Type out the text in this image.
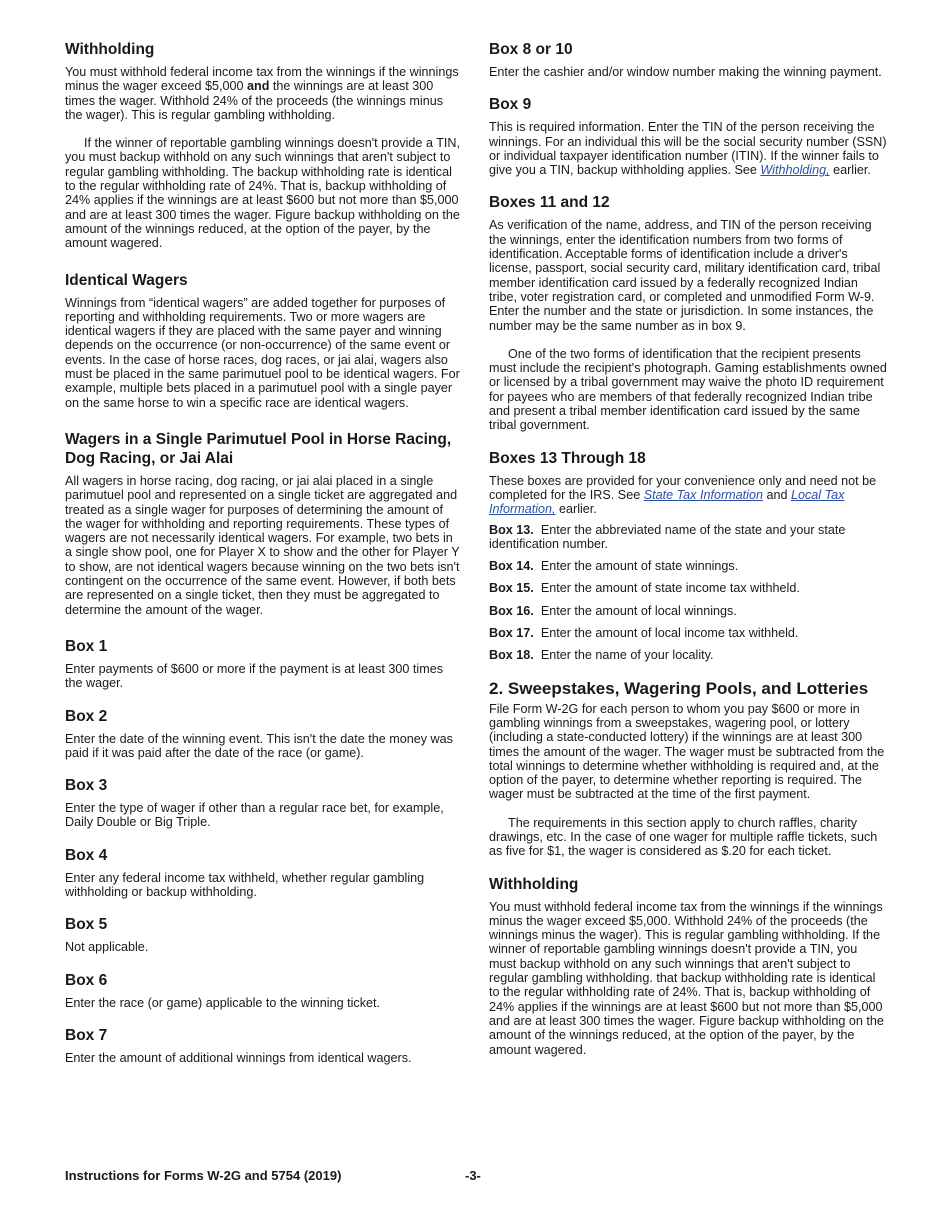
Withholding

You must withhold federal income tax from the winnings if the winnings minus the wager exceed $5,000 and the winnings are at least 300 times the wager. Withhold 24% of the proceeds (the winnings minus the wager). This is regular gambling withholding.

If the winner of reportable gambling winnings doesn't provide a TIN, you must backup withhold on any such winnings that aren't subject to regular gambling withholding. The backup withholding rate is identical to the regular withholding rate of 24%. That is, backup withholding of 24% applies if the winnings are at least $600 but not more than $5,000 and are at least 300 times the wager. Figure backup withholding on the amount of the winnings reduced, at the option of the payer, by the amount wagered.

Identical Wagers

Winnings from “identical wagers” are added together for purposes of reporting and withholding requirements. Two or more wagers are identical wagers if they are placed with the same payer and winning depends on the occurrence (or non-occurrence) of the same event or events. In the case of horse races, dog races, or jai alai, wagers also must be placed in the same parimutuel pool to be identical wagers. For example, multiple bets placed in a parimutuel pool with a single payer on the same horse to win a specific race are identical wagers.

Wagers in a Single Parimutuel Pool in Horse Racing, Dog Racing, or Jai Alai

All wagers in horse racing, dog racing, or jai alai placed in a single parimutuel pool and represented on a single ticket are aggregated and treated as a single wager for purposes of determining the amount of the wager for withholding and reporting requirements. These types of wagers are not necessarily identical wagers. For example, two bets in a single show pool, one for Player X to show and the other for Player Y to show, are not identical wagers because winning on the two bets isn't contingent on the occurrence of the same event. However, if both bets are represented on a single ticket, then they must be aggregated to determine the amount of the wager.

Box 1

Enter payments of $600 or more if the payment is at least 300 times the wager.

Box 2

Enter the date of the winning event. This isn't the date the money was paid if it was paid after the date of the race (or game).

Box 3

Enter the type of wager if other than a regular race bet, for example, Daily Double or Big Triple.

Box 4

Enter any federal income tax withheld, whether regular gambling withholding or backup withholding.

Box 5

Not applicable.

Box 6

Enter the race (or game) applicable to the winning ticket.

Box 7

Enter the amount of additional winnings from identical wagers.

Box 8 or 10

Enter the cashier and/or window number making the winning payment.

Box 9

This is required information. Enter the TIN of the person receiving the winnings. For an individual this will be the social security number (SSN) or individual taxpayer identification number (ITIN). If the winner fails to give you a TIN, backup withholding applies. See Withholding, earlier.

Boxes 11 and 12

As verification of the name, address, and TIN of the person receiving the winnings, enter the identification numbers from two forms of identification. Acceptable forms of identification include a driver's license, passport, social security card, military identification card, tribal member identification card issued by a federally recognized Indian tribe, voter registration card, or completed and unmodified Form W-9. Enter the number and the state or jurisdiction. In some instances, the number may be the same number as in box 9.

One of the two forms of identification that the recipient presents must include the recipient's photograph. Gaming establishments owned or licensed by a tribal government may waive the photo ID requirement for payees who are members of that federally recognized Indian tribe and present a tribal member identification card issued by the same tribal government.

Boxes 13 Through 18

These boxes are provided for your convenience only and need not be completed for the IRS. See State Tax Information and Local Tax Information, earlier.

Box 13. Enter the abbreviated name of the state and your state identification number.

Box 14. Enter the amount of state winnings.

Box 15. Enter the amount of state income tax withheld.

Box 16. Enter the amount of local winnings.

Box 17. Enter the amount of local income tax withheld.

Box 18. Enter the name of your locality.

2. Sweepstakes, Wagering Pools, and Lotteries

File Form W-2G for each person to whom you pay $600 or more in gambling winnings from a sweepstakes, wagering pool, or lottery (including a state-conducted lottery) if the winnings are at least 300 times the amount of the wager. The wager must be subtracted from the total winnings to determine whether withholding is required and, at the option of the payer, to determine whether reporting is required. The wager must be subtracted at the time of the first payment.

The requirements in this section apply to church raffles, charity drawings, etc. In the case of one wager for multiple raffle tickets, such as five for $1, the wager is considered as $.20 for each ticket.

Withholding

You must withhold federal income tax from the winnings if the winnings minus the wager exceed $5,000. Withhold 24% of the proceeds (the winnings minus the wager). This is regular gambling withholding. If the winner of reportable gambling winnings doesn't provide a TIN, you must backup withhold on any such winnings that aren't subject to regular gambling withholding. that backup withholding rate is identical to the regular withholding rate of 24%. That is, backup withholding of 24% applies if the winnings are at least $600 but not more than $5,000 and are at least 300 times the wager. Figure backup withholding on the amount of the winnings reduced, at the option of the payer, by the amount wagered.

Instructions for Forms W-2G and 5754 (2019)	-3-
